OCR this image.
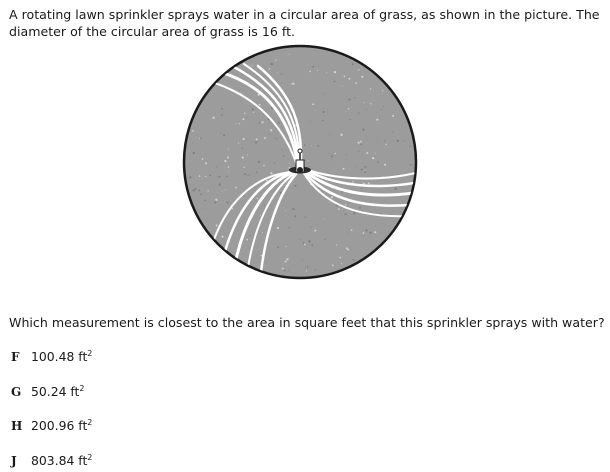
A rotating lawn sprinkler sprays water in a circular area of grass, as shown in the picture. The diameter of the circular area of grass is 16 ft.

Which measurement is closest to the area in square feet that this sprinkler sprays with water?

F 100.48 $ft^2$
G 50.24 $ft^2$
H 200.96 $ft^2$
J 803.84 $ft^2$
